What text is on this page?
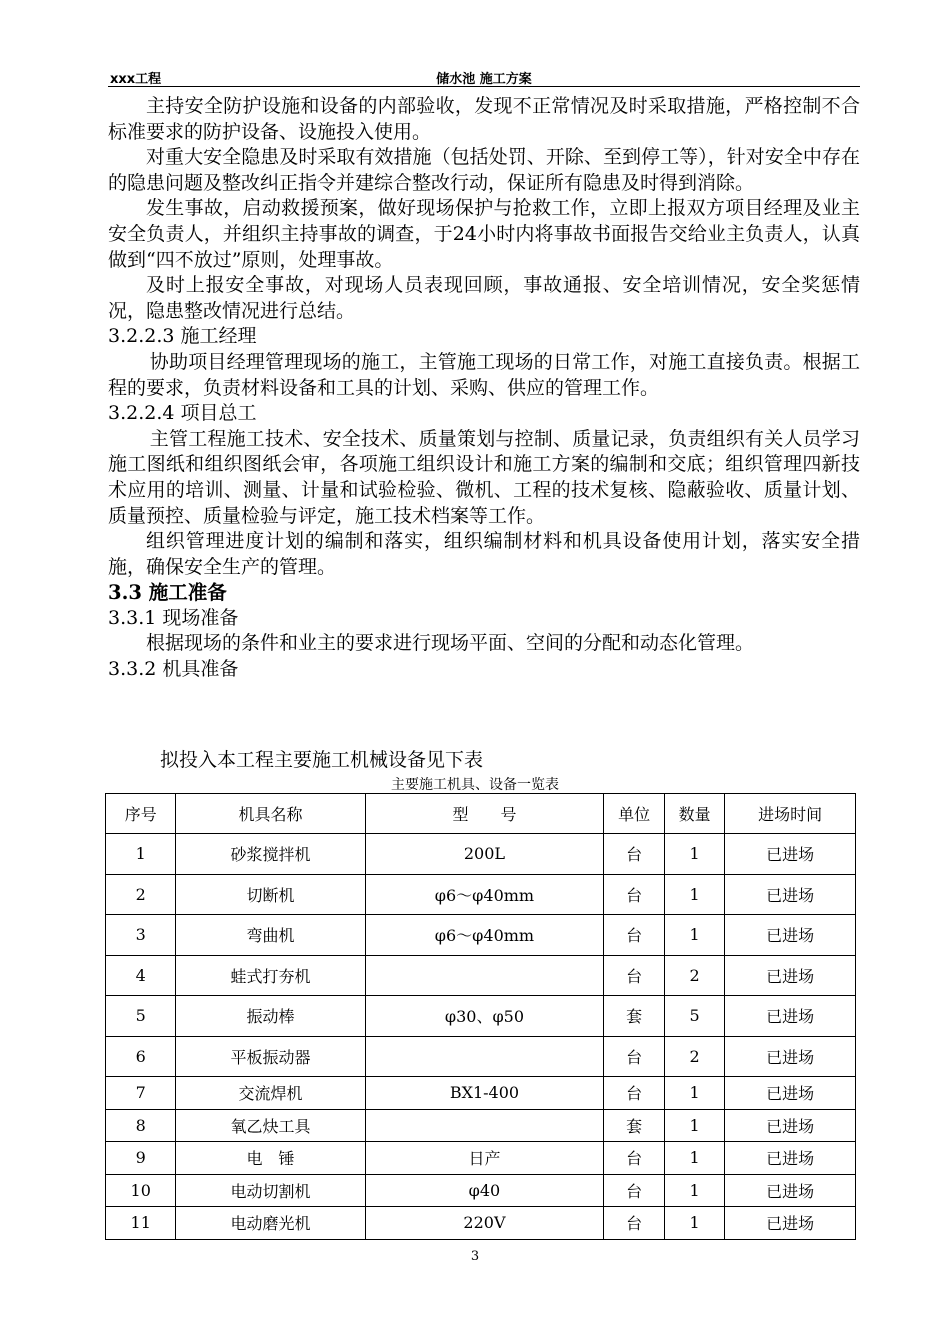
xxx工程	储水池 施工方案

主持安全防护设施和设备的内部验收，发现不正常情况及时采取措施，严格控制不合标准要求的防护设备、设施投入使用。

对重大安全隐患及时采取有效措施（包括处罚、开除、至到停工等），针对安全中存在的隐患问题及整改纠正指令并建综合整改行动，保证所有隐患及时得到消除。

发生事故，启动救援预案，做好现场保护与抢救工作，立即上报双方项目经理及业主安全负责人，并组织主持事故的调查，于24小时内将事故书面报告交给业主负责人，认真做到“四不放过”原则，处理事故。

及时上报安全事故，对现场人员表现回顾，事故通报、安全培训情况，安全奖惩情况，隐患整改情况进行总结。

3.2.2.3 施工经理

协助项目经理管理现场的施工，主管施工现场的日常工作，对施工直接负责。根据工程的要求，负责材料设备和工具的计划、采购、供应的管理工作。

3.2.2.4 项目总工

主管工程施工技术、安全技术、质量策划与控制、质量记录，负责组织有关人员学习施工图纸和组织图纸会审，各项施工组织设计和施工方案的编制和交底；组织管理四新技术应用的培训、测量、计量和试验检验、微机、工程的技术复核、隐蔽验收、质量计划、质量预控、质量检验与评定，施工技术档案等工作。

组织管理进度计划的编制和落实，组织编制材料和机具设备使用计划，落实安全措施，确保安全生产的管理。

3.3 施工准备

3.3.1 现场准备

根据现场的条件和业主的要求进行现场平面、空间的分配和动态化管理。

3.3.2 机具准备

拟投入本工程主要施工机械设备见下表
主要施工机具、设备一览表
序号	机具名称	型　　号	单位	数量	进场时间
1	砂浆搅拌机	200L	台	1	已进场
2	切断机	φ6～φ40mm	台	1	已进场
3	弯曲机	φ6～φ40mm	台	1	已进场
4	蛙式打夯机		台	2	已进场
5	振动棒	φ30、φ50	套	5	已进场
6	平板振动器		台	2	已进场
7	交流焊机	BX1-400	台	1	已进场
8	氧乙炔工具		套	1	已进场
9	电　锤	日产	台	1	已进场
10	电动切割机	φ40	台	1	已进场
11	电动磨光机	220V	台	1	已进场
3
